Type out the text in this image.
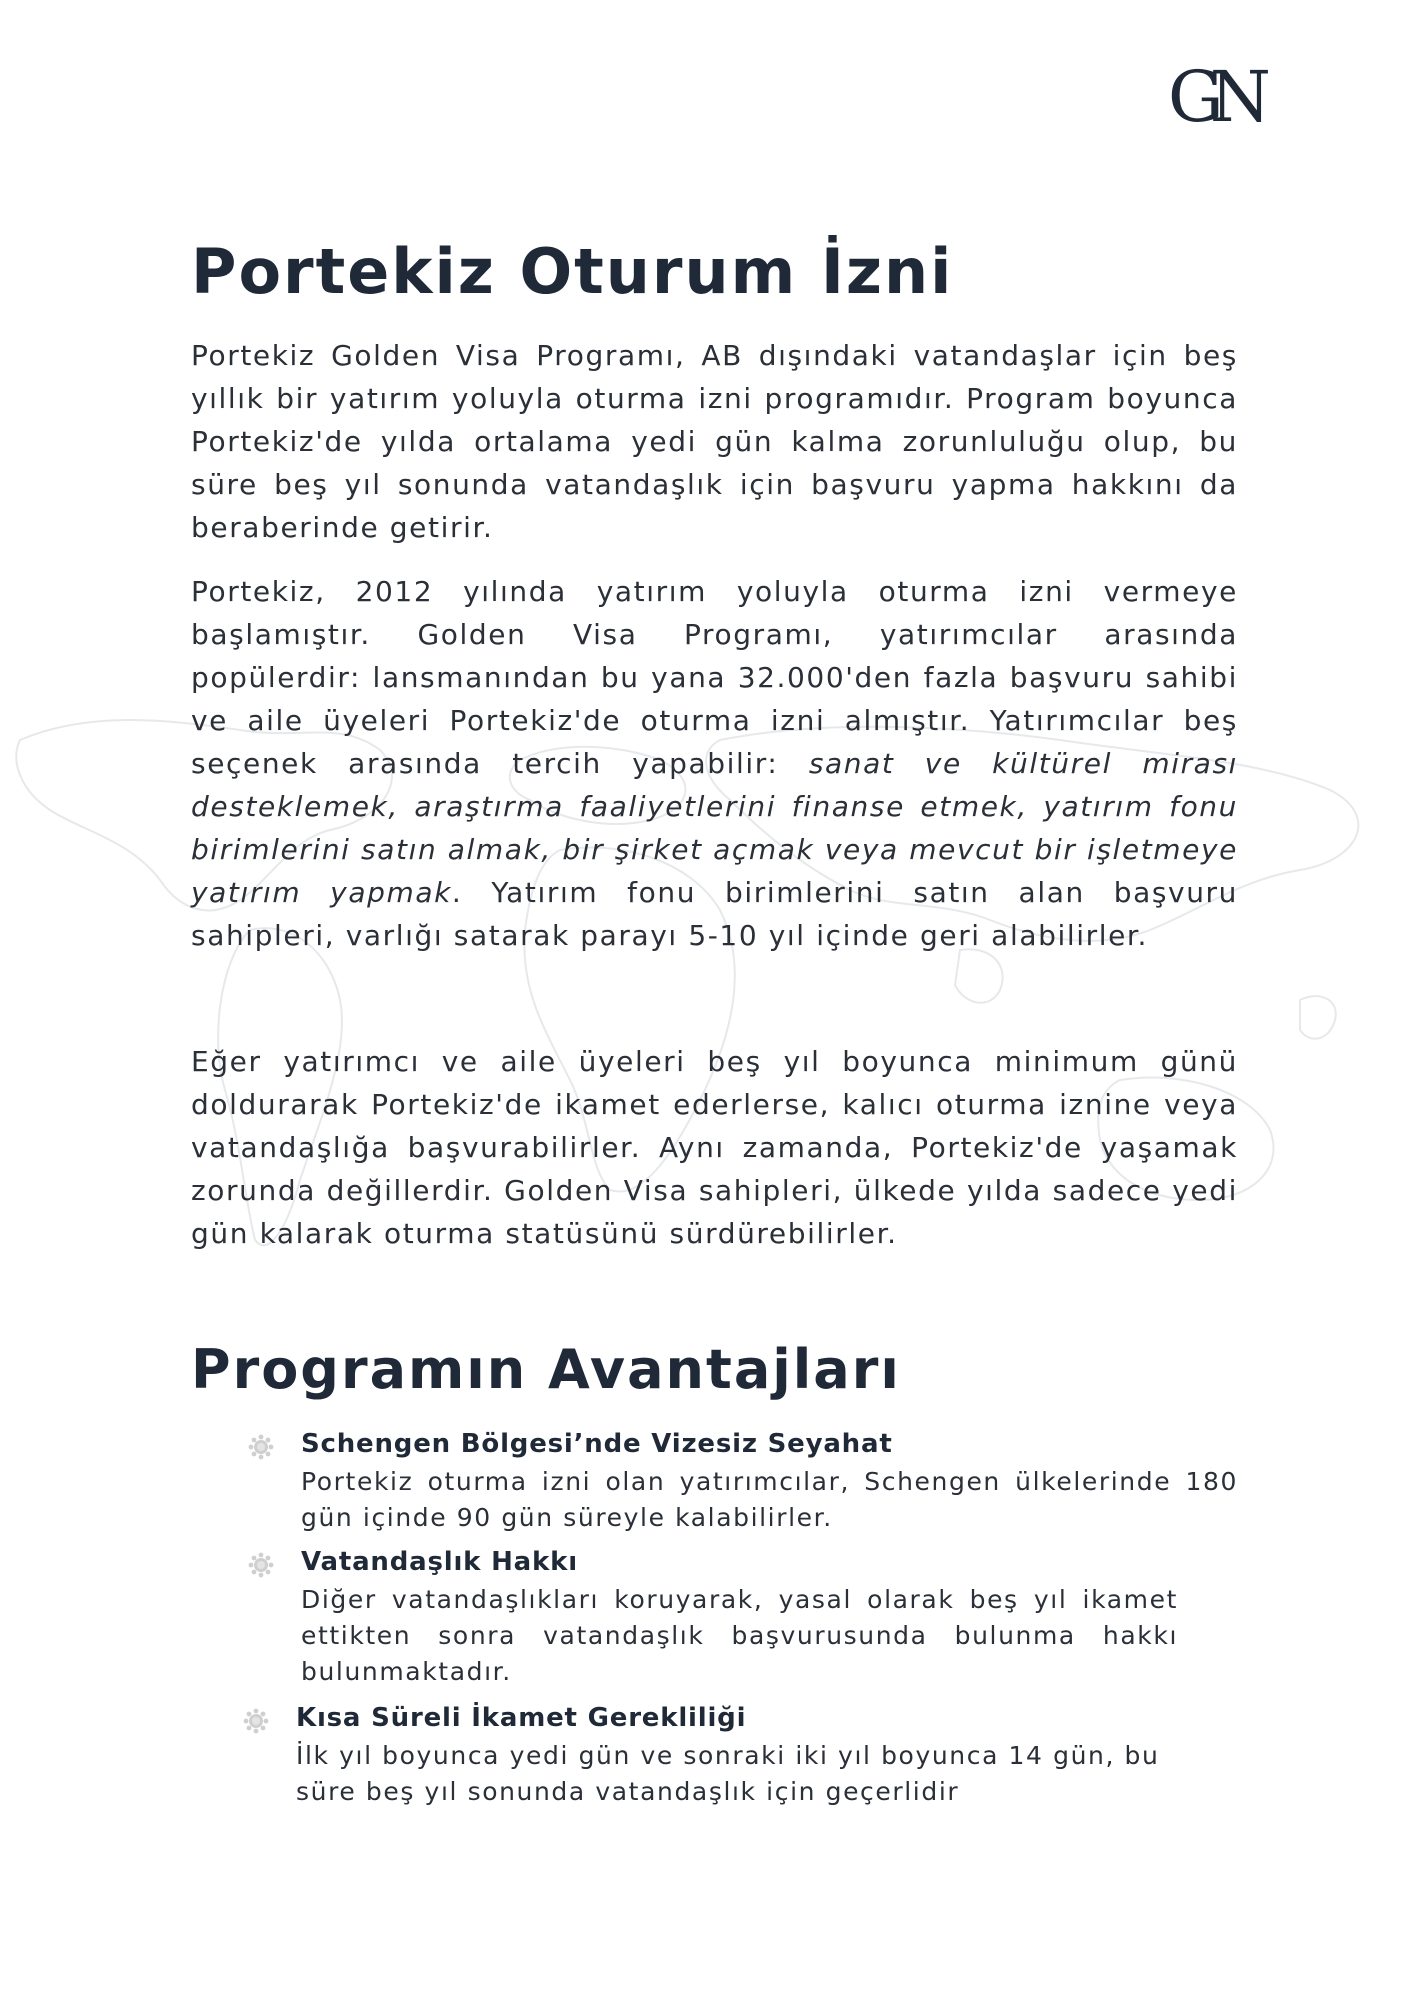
GN
Portekiz Oturum İzni

Portekiz Golden Visa Programı, AB dışındaki vatandaşlar için beş yıllık bir yatırım yoluyla oturma izni programıdır. Program boyunca Portekiz'de yılda ortalama yedi gün kalma zorunluluğu olup, bu süre beş yıl sonunda vatandaşlık için başvuru yapma hakkını da beraberinde getirir.

Portekiz, 2012 yılında yatırım yoluyla oturma izni vermeye başlamıştır. Golden Visa Programı, yatırımcılar arasında popülerdir: lansmanından bu yana 32.000'den fazla başvuru sahibi ve aile üyeleri Portekiz'de oturma izni almıştır. Yatırımcılar beş seçenek arasında tercih yapabilir: sanat ve kültürel mirası desteklemek, araştırma faaliyetlerini finanse etmek, yatırım fonu birimlerini satın almak, bir şirket açmak veya mevcut bir işletmeye yatırım yapmak. Yatırım fonu birimlerini satın alan başvuru sahipleri, varlığı satarak parayı 5-10 yıl içinde geri alabilirler.

Eğer yatırımcı ve aile üyeleri beş yıl boyunca minimum günü doldurarak Portekiz'de ikamet ederlerse, kalıcı oturma iznine veya vatandaşlığa başvurabilirler. Aynı zamanda, Portekiz'de yaşamak zorunda değillerdir. Golden Visa sahipleri, ülkede yılda sadece yedi gün kalarak oturma statüsünü sürdürebilirler.

Programın Avantajları
Schengen Bölgesi’nde Vizesiz Seyahat

Portekiz oturma izni olan yatırımcılar, Schengen ülkelerinde 180 gün içinde 90 gün süreyle kalabilirler.

Vatandaşlık Hakkı

Diğer vatandaşlıkları koruyarak, yasal olarak beş yıl ikamet ettikten sonra vatandaşlık başvurusunda bulunma hakkı bulunmaktadır.

Kısa Süreli İkamet Gerekliliği

İlk yıl boyunca yedi gün ve sonraki iki yıl boyunca 14 gün, bu süre beş yıl sonunda vatandaşlık için geçerlidir
